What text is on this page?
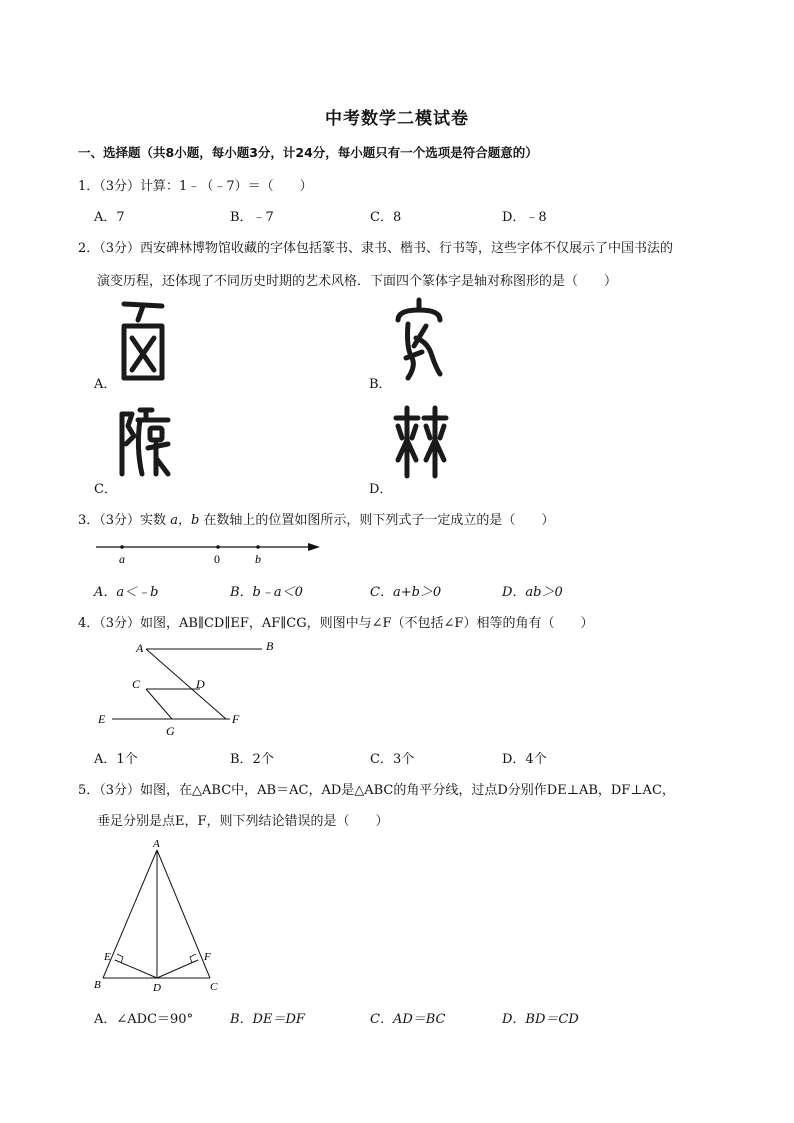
中考数学二模试卷
一、选择题（共8小题，每小题3分，计24分，每小题只有一个选项是符合题意的）
1．（3分）计算：1﹣（﹣7）＝（　　）
A．7	B．﹣7	C．8	D．﹣8
2．（3分）西安碑林博物馆收藏的字体包括篆书、隶书、楷书、行书等，这些字体不仅展示了中国书法的
演变历程，还体现了不同历史时期的艺术风格．下面四个篆体字是轴对称图形的是（　　）
A．	B．
C．	D．
3．（3分）实数 a，b 在数轴上的位置如图所示，则下列式子一定成立的是（　　）
a	0	b
A．a＜﹣b	B．b﹣a＜0	C．a+b＞0	D．ab＞0
4．（3分）如图，AB∥CD∥EF，AF∥CG，则图中与∠F（不包括∠F）相等的角有（　　）
A	B
C	D
E	F
G
A．1个	B．2个	C．3个	D．4个
5．（3分）如图，在△ABC中，AB＝AC，AD是△ABC的角平分线，过点D分别作DE⊥AB，DF⊥AC，
垂足分别是点E，F，则下列结论错误的是（　　）
A
B	C
D
E	F
A．∠ADC＝90°	B．DE＝DF	C．AD＝BC	D．BD＝CD
